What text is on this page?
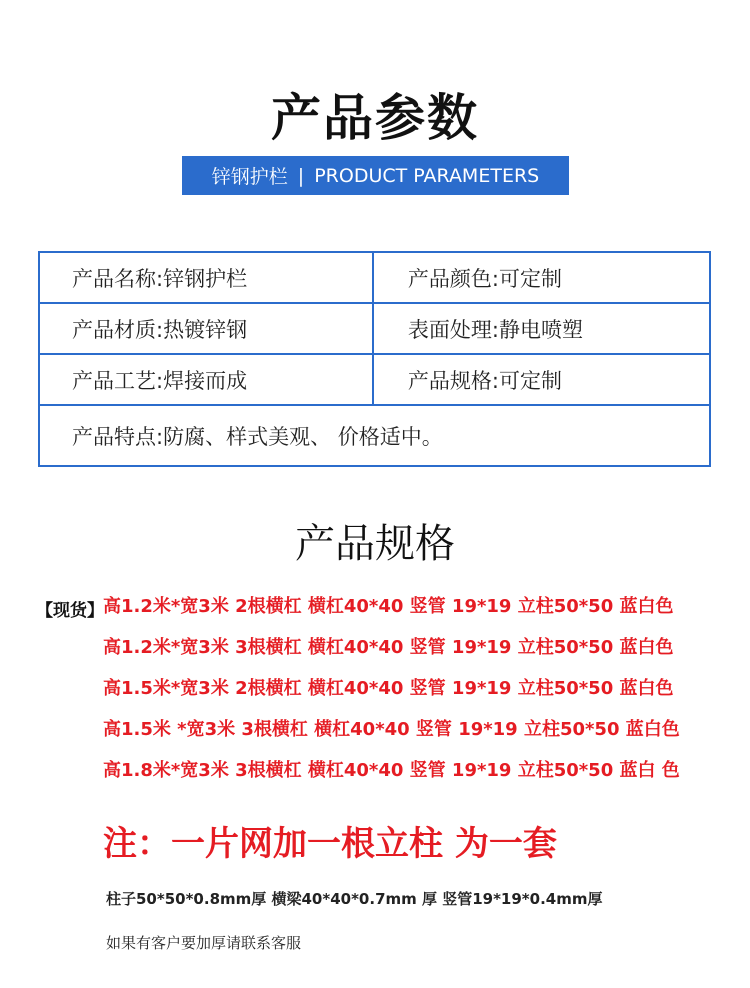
产品参数
锌钢护栏 | PRODUCT PARAMETERS
产品名称:锌钢护栏	产品颜色:可定制
产品材质:热镀锌钢	表面处理:静电喷塑
产品工艺:焊接而成	产品规格:可定制
产品特点:防腐、样式美观、 价格适中。	
产品规格
【现货】 高1.2米*宽3米 2根横杠 横杠40*40 竖管 19*19 立柱50*50 蓝白色
高1.2米*宽3米 3根横杠 横杠40*40 竖管 19*19 立柱50*50 蓝白色
高1.5米*宽3米 2根横杠 横杠40*40 竖管 19*19 立柱50*50 蓝白色
高1.5米 *宽3米 3根横杠 横杠40*40 竖管 19*19 立柱50*50 蓝白色
高1.8米*宽3米 3根横杠 横杠40*40 竖管 19*19 立柱50*50 蓝白 色
注：一片网加一根立柱 为一套
柱子50*50*0.8mm厚 横梁40*40*0.7mm 厚 竖管19*19*0.4mm厚
如果有客户要加厚请联系客服
